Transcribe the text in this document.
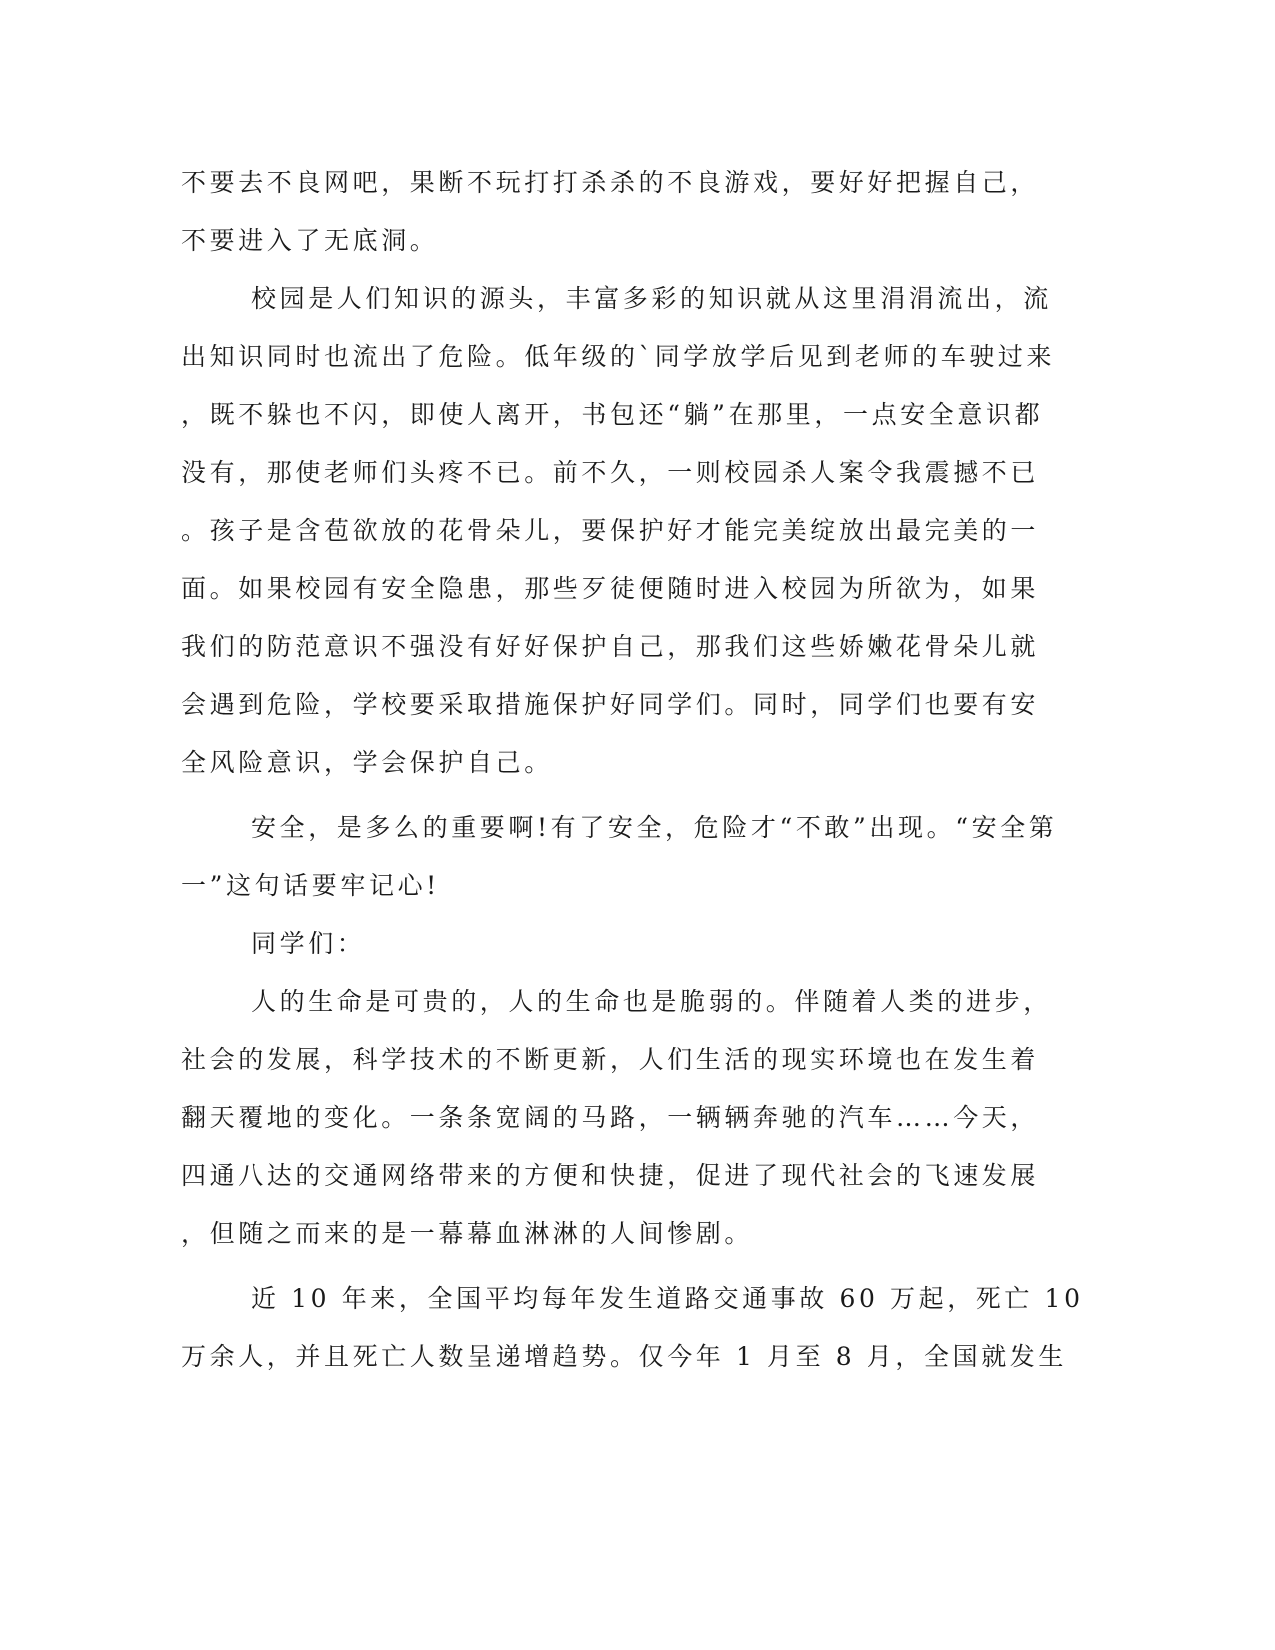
不要去不良网吧，果断不玩打打杀杀的不良游戏，要好好把握自己，
不要进入了无底洞。
校园是人们知识的源头，丰富多彩的知识就从这里涓涓流出，流
出知识同时也流出了危险。低年级的`同学放学后见到老师的车驶过来
，既不躲也不闪，即使人离开，书包还“躺”在那里，一点安全意识都
没有，那使老师们头疼不已。前不久，一则校园杀人案令我震撼不已
。孩子是含苞欲放的花骨朵儿，要保护好才能完美绽放出最完美的一
面。如果校园有安全隐患，那些歹徒便随时进入校园为所欲为，如果
我们的防范意识不强没有好好保护自己，那我们这些娇嫩花骨朵儿就
会遇到危险，学校要采取措施保护好同学们。同时，同学们也要有安
全风险意识，学会保护自己。
安全，是多么的重要啊!有了安全，危险才“不敢”出现。“安全第
一”这句话要牢记心!
同学们：
人的生命是可贵的，人的生命也是脆弱的。伴随着人类的进步，
社会的发展，科学技术的不断更新，人们生活的现实环境也在发生着
翻天覆地的变化。一条条宽阔的马路，一辆辆奔驰的汽车……今天，
四通八达的交通网络带来的方便和快捷，促进了现代社会的飞速发展
，但随之而来的是一幕幕血淋淋的人间惨剧。
近 10 年来，全国平均每年发生道路交通事故 60 万起，死亡 10
万余人，并且死亡人数呈递增趋势。仅今年 1 月至 8 月，全国就发生
